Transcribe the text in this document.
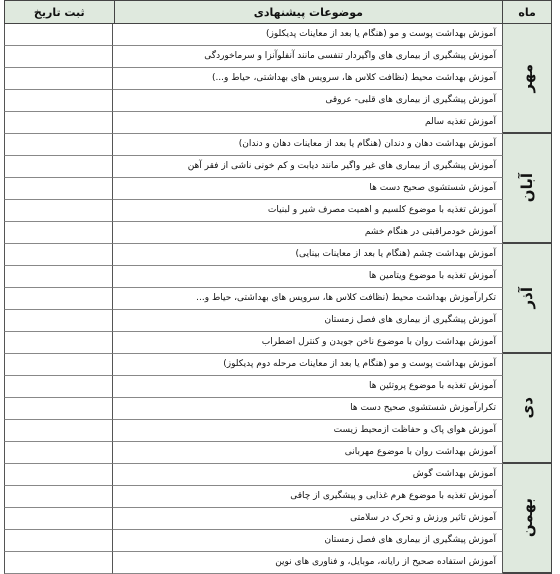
ثبت تاریخ	موضوعات پیشنهادی	ماه
آموزش بهداشت پوست و مو (هنگام یا بعد از معاینات پدیکلوز)
آموزش پیشگیری از بیماری های واگیردار تنفسی مانند آنفلوآنزا و سرماخوردگی
آموزش بهداشت محیط (نظافت کلاس ها، سرویس های بهداشتی، حیاط و...)
آموزش پیشگیری از بیماری های قلبی- عروقی
آموزش تغذیه سالم
آموزش بهداشت دهان و دندان (هنگام یا بعد از معاینات دهان و دندان)
آموزش پیشگیری از بیماری های غیر واگیر مانند دیابت و کم خونی ناشی از فقر آهن
آموزش شستشوی صحیح دست ها
آموزش تغذیه با موضوع کلسیم و اهمیت مصرف شیر و لبنیات
آموزش خودمراقبتی در هنگام خشم
آموزش بهداشت چشم (هنگام یا بعد از معاینات بینایی)
آموزش تغذیه با موضوع ویتامین ها
تکرارآموزش بهداشت محیط (نظافت کلاس ها، سرویس های بهداشتی، حیاط و...
آموزش پیشگیری از بیماری های فصل زمستان
آموزش بهداشت روان با موضوع ناخن جویدن و کنترل اضطراب
آموزش بهداشت پوست و مو (هنگام یا بعد از معاینات مرحله دوم پدیکلوز)
آموزش تغذیه با موضوع پروتئین ها
تکرارآموزش شستشوی صحیح دست ها
آموزش هوای پاک و حفاظت ازمحیط زیست
آموزش بهداشت روان با موضوع مهربانی
آموزش بهداشت گوش
آموزش تغذیه با موضوع هرم غذایی و پیشگیری از چاقی
آموزش تاثیر ورزش و تحرک در سلامتی
آموزش پیشگیری از بیماری های فصل زمستان
آموزش استفاده صحیح از رایانه، موبایل، و فناوری های نوین
مهر
آبان
آذر
دی
بهمن
